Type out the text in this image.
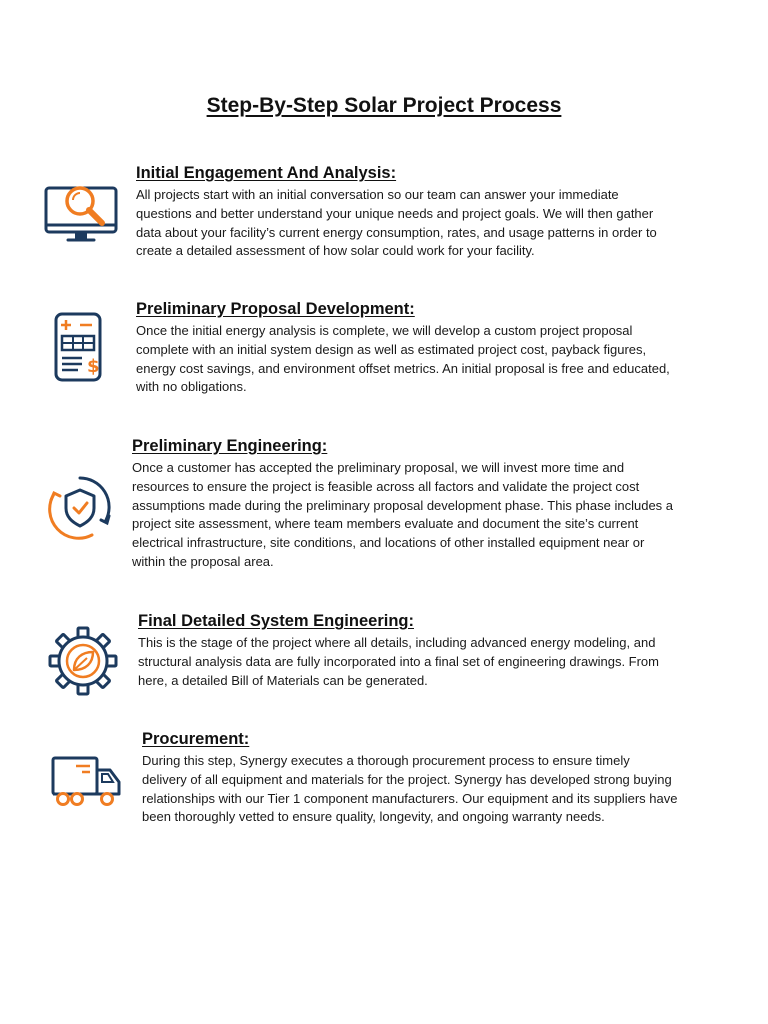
Step-By-Step Solar Project Process
Initial Engagement And Analysis:

All projects start with an initial conversation so our team can answer your immediate questions and better understand your unique needs and project goals. We will then gather data about your facility’s current energy consumption, rates, and usage patterns in order to create a detailed assessment of how solar could work for your facility.

$
Preliminary Proposal Development:

Once the initial energy analysis is complete, we will develop a custom project proposal complete with an initial system design as well as estimated project cost, payback figures, energy cost savings, and environment offset metrics. An initial proposal is free and educated, with no obligations.

Preliminary Engineering:

Once a customer has accepted the preliminary proposal, we will invest more time and resources to ensure the project is feasible across all factors and validate the project cost assumptions made during the preliminary proposal development phase. This phase includes a project site assessment, where team members evaluate and document the site’s current electrical infrastructure, site conditions, and locations of other installed equipment near or within the proposal area.

Final Detailed System Engineering:

This is the stage of the project where all details, including advanced energy modeling, and structural analysis data are fully incorporated into a final set of engineering drawings. From here, a detailed Bill of Materials can be generated.

Procurement:

During this step, Synergy executes a thorough procurement process to ensure timely delivery of all equipment and materials for the project. Synergy has developed strong buying relationships with our Tier 1 component manufacturers. Our equipment and its suppliers have been thoroughly vetted to ensure quality, longevity, and ongoing warranty needs.
